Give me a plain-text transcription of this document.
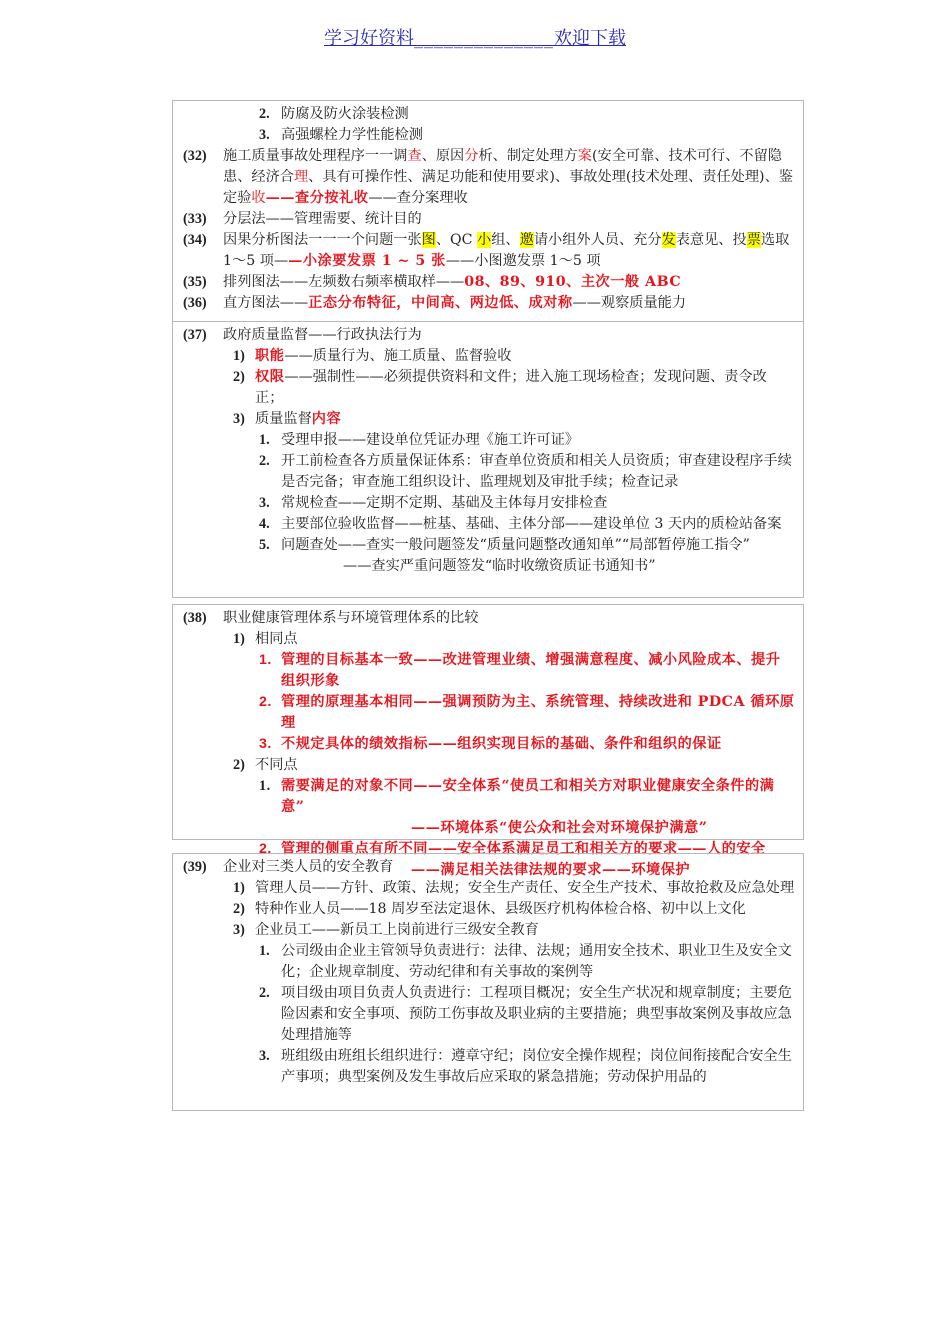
学习好资料______________欢迎下载
2. 防腐及防火涂装检测
3. 高强螺栓力学性能检测
(32) 施工质量事故处理程序一一调查、原因分析、制定处理方案(安全可靠、技术可行、不留隐患、经济合理、具有可操作性、满足功能和使用要求)、事故处理(技术处理、责任处理)、鉴定验收——查分按礼收——查分案理收
(33) 分层法——管理需要、统计目的
(34) 因果分析图法一一一个问题一张图、QC 小组、邀请小组外人员、充分发表意见、投票选取 1～5 项——小涂要发票 1 ~ 5 张——小图邀发票 1～5 项
(35) 排列图法——左频数右频率横取样——08、89、910、主次一般 ABC
(36) 直方图法——正态分布特征，中间高、两边低、成对称——观察质量能力
(37) 政府质量监督——行政执法行为
1) 职能——质量行为、施工质量、监督验收
2) 权限——强制性——必须提供资料和文件；进入施工现场检查；发现问题、责令改正；
3) 质量监督内容
1. 受理申报——建设单位凭证办理《施工许可证》
2. 开工前检查各方质量保证体系：审查单位资质和相关人员资质；审查建设程序手续是否完备；审查施工组织设计、监理规划及审批手续；检查记录
3. 常规检查——定期不定期、基础及主体每月安排检查
4. 主要部位验收监督——桩基、基础、主体分部——建设单位 3 天内的质检站备案
5. 问题查处——查实一般问题签发“质量问题整改通知单”“局部暂停施工指令”
——查实严重问题签发“临时收缴资质证书通知书”
(38) 职业健康管理体系与环境管理体系的比较
1) 相同点
1. 管理的目标基本一致——改进管理业绩、增强满意程度、减小风险成本、提升组织形象
2. 管理的原理基本相同——强调预防为主、系统管理、持续改进和 PDCA 循环原理
3. 不规定具体的绩效指标——组织实现目标的基础、条件和组织的保证
2) 不同点
1. 需要满足的对象不同——安全体系“使员工和相关方对职业健康安全条件的满意”
——环境体系“使公众和社会对环境保护满意”
2. 管理的侧重点有所不同——安全体系满足员工和相关方的要求——人的安全
——满足相关法律法规的要求——环境保护
(39) 企业对三类人员的安全教育
1) 管理人员——方针、政策、法规；安全生产责任、安全生产技术、事故抢救及应急处理
2) 特种作业人员——18 周岁至法定退休、县级医疗机构体检合格、初中以上文化
3) 企业员工——新员工上岗前进行三级安全教育
1. 公司级由企业主管领导负责进行：法律、法规；通用安全技术、职业卫生及安全文化；企业规章制度、劳动纪律和有关事故的案例等
2. 项目级由项目负责人负责进行：工程项目概况；安全生产状况和规章制度；主要危险因素和安全事项、预防工伤事故及职业病的主要措施；典型事故案例及事故应急处理措施等
3. 班组级由班组长组织进行：遵章守纪；岗位安全操作规程；岗位间衔接配合安全生产事项；典型案例及发生事故后应采取的紧急措施；劳动保护用品的
